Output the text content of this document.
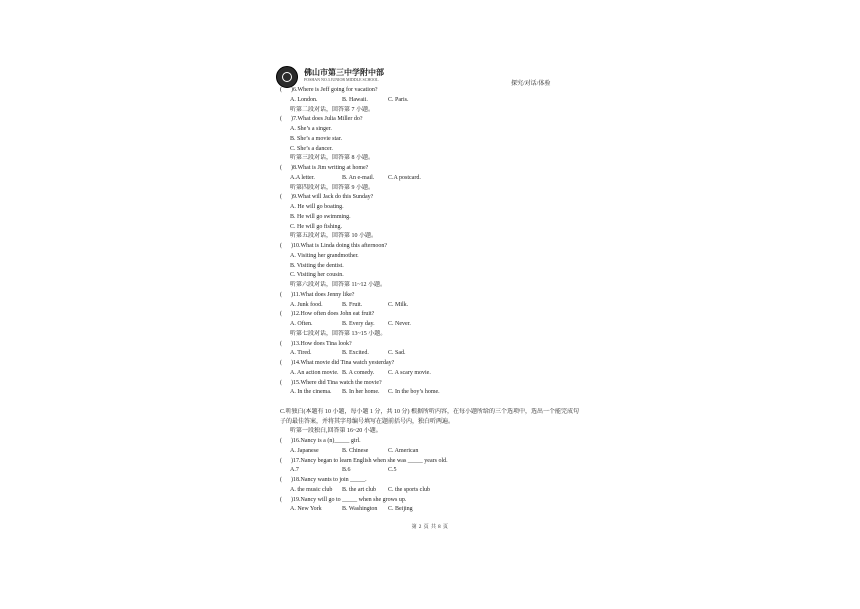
佛山市第三中学附中部
FOSHAN NO.3 JUNIOR MIDDLE SCHOOL
探究/对话/体验
(	)6.Where is Jeff going for vacation?
A. London.	B. Hawaii.	C. Paris.
听第二段对话，回答第 7 小题。
(	)7.What does Julia Miller do?
A. She’s a singer.
B. She’s a movie star.
C. She’s a dancer.
听第三段对话，回答第 8 小题。
(	)8.What is Jim writing at home?
A.A letter.	B. An e-mail. C.A postcard.
听第四段对话，回答第 9 小题。
(	)9.What will Jack do this Sunday?
A. He will go boating.
B. He will go swimming.
C. He will go fishing.
听第五段对话，回答第 10 小题。
(	)10.What is Linda doing this afternoon?
A. Visiting her grandmother.
B. Visiting the dentist.
C. Visiting her cousin.
听第六段对话，回答第 11~12 小题。
(	)11.What does Jenny like?
A. Junk food.	B. Fruit.	C. Milk.
(	)12.How often does John eat fruit?
A. Often.	B. Every day. C. Never.
听第七段对话，回答第 13~15 小题。
(	)13.How does Tina look?
A. Tired.	B. Excited.	C. Sad.
(	)14.What movie did Tina watch yesterday?
A. An action movie. B. A comedy. C. A scary movie.
(	)15.Where did Tina watch the movie?
A. In the cinema. B. In her home. C. In the boy’s home.
C.听独白(本题有 10 小题，每小题 1 分，共 10 分) 根据所听内容，在每小题所给的三个选项中，选出一个能完成句子的最佳答案，并将其字母编号填写在题前括号内，独白听两遍。
听第一段独白,回答第 16~20 小题。
(	)16.Nancy is a (n)_____ girl.
A. Japanese	B. Chinese	C. American
(	)17.Nancy began to learn English when she was _____ years old.
A.7	B.6	C.5
(	)18.Nancy wants to join _____.
A. the music club B. the art club C. the sports club
(	)19.Nancy will go to _____ when she grows up.
A. New York	B. Washington C. Beijing
第 2 页 共 8 页
